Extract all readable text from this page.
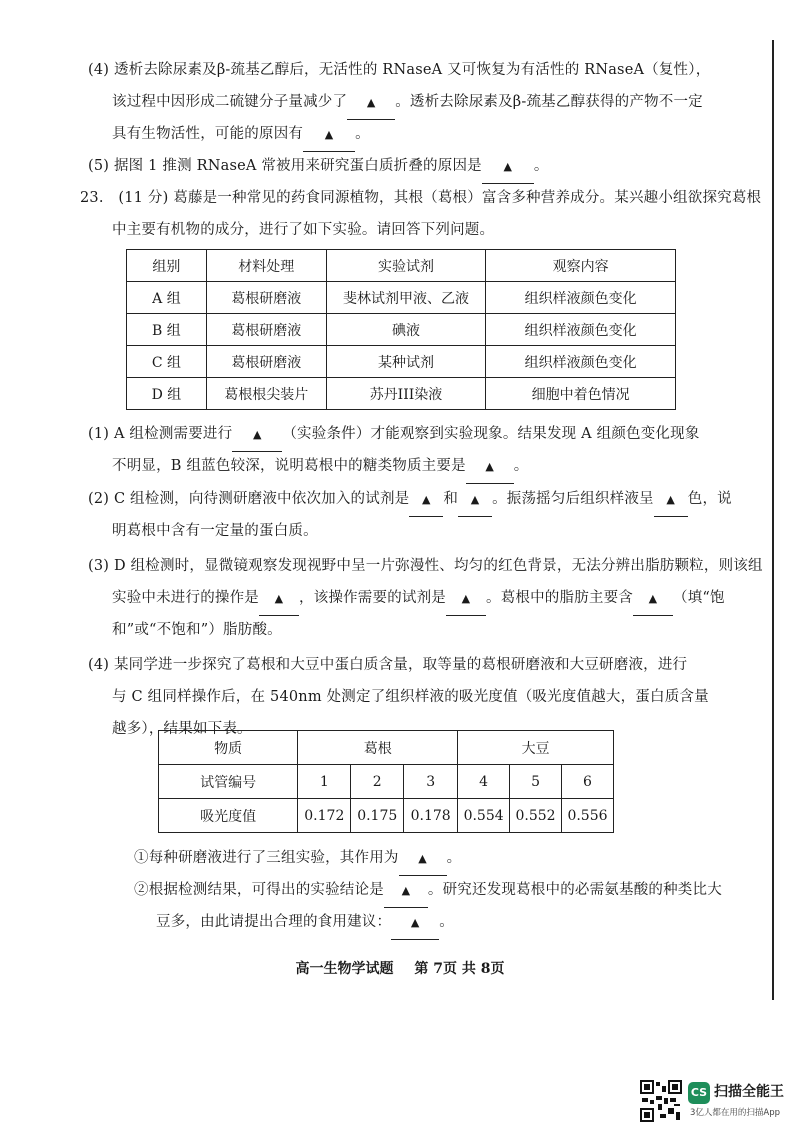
(4) 透析去除尿素及β-巯基乙醇后，无活性的 RNaseA 又可恢复为有活性的 RNaseA（复性），
该过程中因形成二硫键分子量减少了 ▲ 。透析去除尿素及β-巯基乙醇获得的产物不一定
具有生物活性，可能的原因有 ▲ 。
(5) 据图 1 推测 RNaseA 常被用来研究蛋白质折叠的原因是 ▲ 。
23.　(11 分) 葛藤是一种常见的药食同源植物，其根（葛根）富含多种营养成分。某兴趣小组欲探究葛根
中主要有机物的成分，进行了如下实验。请回答下列问题。
组别	材料处理	实验试剂	观察内容
A 组	葛根研磨液	斐林试剂甲液、乙液	组织样液颜色变化
B 组	葛根研磨液	碘液	组织样液颜色变化
C 组	葛根研磨液	某种试剂	组织样液颜色变化
D 组	葛根根尖装片	苏丹III染液	细胞中着色情况
(1) A 组检测需要进行 ▲ （实验条件）才能观察到实验现象。结果发现 A 组颜色变化现象
不明显，B 组蓝色较深，说明葛根中的糖类物质主要是 ▲ 。
(2) C 组检测，向待测研磨液中依次加入的试剂是 ▲ 和 ▲ 。振荡摇匀后组织样液呈 ▲ 色，说
明葛根中含有一定量的蛋白质。
(3) D 组检测时，显微镜观察发现视野中呈一片弥漫性、均匀的红色背景，无法分辨出脂肪颗粒，则该组
实验中未进行的操作是 ▲ ，该操作需要的试剂是 ▲ 。葛根中的脂肪主要含 ▲ （填“饱
和”或“不饱和”）脂肪酸。
(4) 某同学进一步探究了葛根和大豆中蛋白质含量，取等量的葛根研磨液和大豆研磨液，进行
与 C 组同样操作后，在 540nm 处测定了组织样液的吸光度值（吸光度值越大，蛋白质含量
越多），结果如下表。
物质	葛根			大豆		
试管编号	1	2	3	4	5	6
吸光度值	0.172	0.175	0.178	0.554	0.552	0.556
①每种研磨液进行了三组实验，其作用为 ▲ 。
②根据检测结果，可得出的实验结论是 ▲ 。研究还发现葛根中的必需氨基酸的种类比大
豆多，由此请提出合理的食用建议： ▲ 。
高一生物学试题 第 7页 共 8页
CS 扫描全能王
3亿人都在用的扫描App
